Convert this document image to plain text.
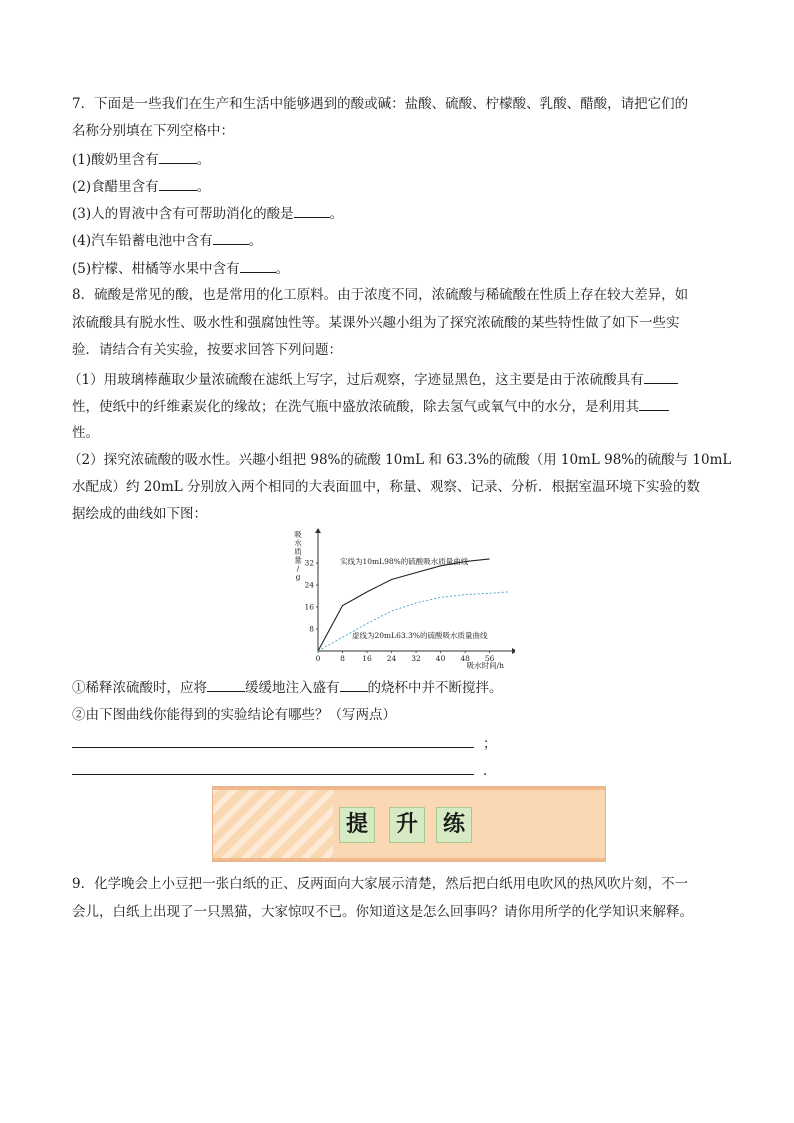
7．下面是一些我们在生产和生活中能够遇到的酸或碱：盐酸、硫酸、柠檬酸、乳酸、醋酸，请把它们的
名称分别填在下列空格中：
(1)酸奶里含有	。
(2)食醋里含有	。
(3)人的胃液中含有可帮助消化的酸是	。
(4)汽车铅蓄电池中含有	。
(5)柠檬、柑橘等水果中含有	。
8．硫酸是常见的酸，也是常用的化工原料。由于浓度不同，浓硫酸与稀硫酸在性质上存在较大差异，如
浓硫酸具有脱水性、吸水性和强腐蚀性等。某课外兴趣小组为了探究浓硫酸的某些特性做了如下一些实
验．请结合有关实验，按要求回答下列问题：
（1）用玻璃棒蘸取少量浓硫酸在滤纸上写字，过后观察，字迹显黑色，这主要是由于浓硫酸具有
性，使纸中的纤维素炭化的缘故；在洗气瓶中盛放浓硫酸，除去氢气或氧气中的水分，是利用其
性。
（2）探究浓硫酸的吸水性。兴趣小组把 98%的硫酸 10mL 和 63.3%的硫酸（用 10mL 98%的硫酸与 10mL
水配成）约 20mL 分别放入两个相同的大表面皿中，称量、观察、记录、分析．根据室温环境下实验的数
据绘成的曲线如下图：
0	8 16 24 32 40 48 56
8
16
24
32
吸水质量/ g
吸水时间/h
实线为10mL98%的硫酸吸水质量曲线
虚线为20mL63.3%的硫酸吸水质量曲线
①稀释浓硫酸时，应将	缓缓地注入盛有 的烧杯中并不断搅拌。
②由下图曲线你能得到的实验结论有哪些？（写两点）
；
．
提	升	练
9．化学晚会上小豆把一张白纸的正、反两面向大家展示清楚，然后把白纸用电吹风的热风吹片刻，不一
会儿，白纸上出现了一只黑猫，大家惊叹不已。你知道这是怎么回事吗？请你用所学的化学知识来解释。
